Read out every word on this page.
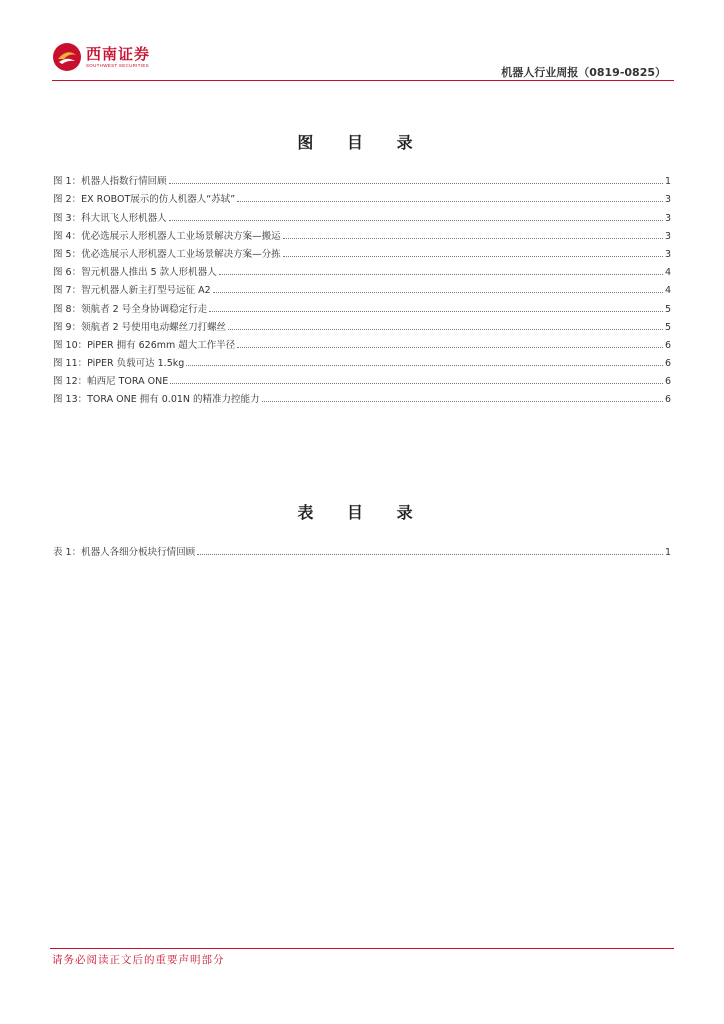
西南证券
SOUTHWEST SECURITIES
机器人行业周报（0819-0825）
图 目 录
图 1：机器人指数行情回顾	1
图 2：EX ROBOT展示的仿人机器人“苏轼”	3
图 3：科大讯飞人形机器人	3
图 4：优必选展示人形机器人工业场景解决方案—搬运	3
图 5：优必选展示人形机器人工业场景解决方案—分拣	3
图 6：智元机器人推出 5 款人形机器人	4
图 7：智元机器人新主打型号远征 A2	4
图 8：领航者 2 号全身协调稳定行走	5
图 9：领航者 2 号使用电动螺丝刀打螺丝	5
图 10：PiPER 拥有 626mm 超大工作半径	6
图 11：PiPER 负载可达 1.5kg	6
图 12：帕西尼 TORA ONE	6
图 13：TORA ONE 拥有 0.01N 的精准力控能力	6
表 目 录
表 1：机器人各细分板块行情回顾	1
请务必阅读正文后的重要声明部分
